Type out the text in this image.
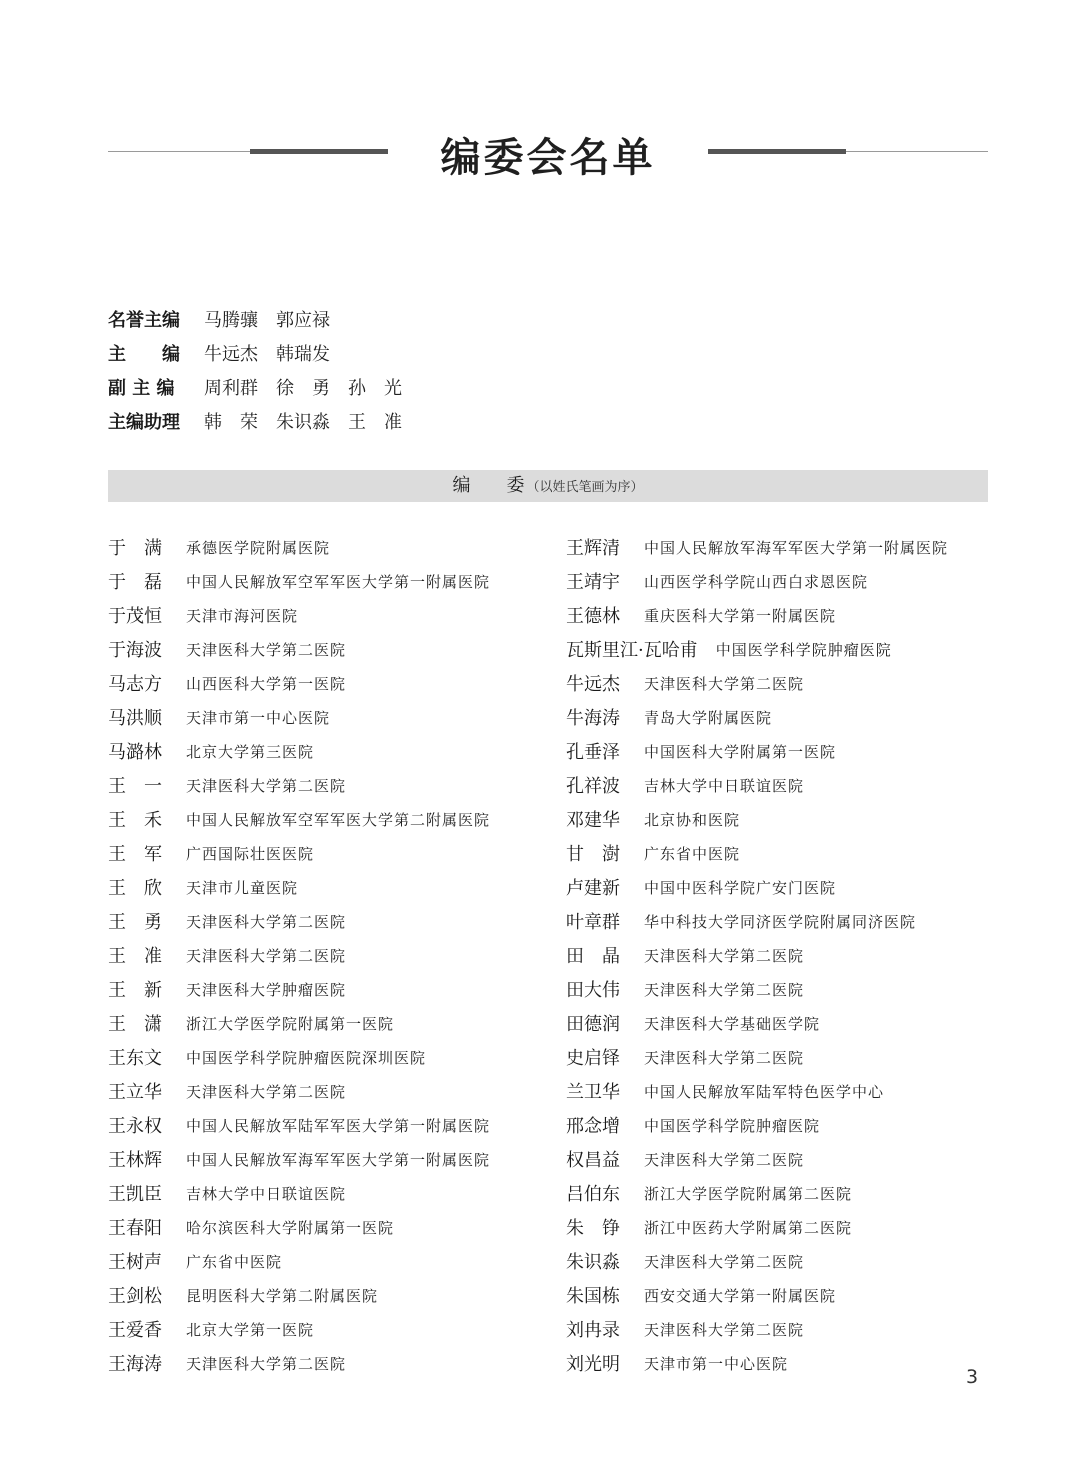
编委会名单
名誉主编	马腾骧　郭应禄
主　　编	牛远杰　韩瑞发
副 主 编	周利群　徐　勇　孙　光
主编助理	韩　荣　朱识淼　王　准
编　　委 （以姓氏笔画为序）
于　满	承德医学院附属医院
于　磊	中国人民解放军空军军医大学第一附属医院
于茂恒	天津市海河医院
于海波	天津医科大学第二医院
马志方	山西医科大学第一医院
马洪顺	天津市第一中心医院
马潞林	北京大学第三医院
王　一	天津医科大学第二医院
王　禾	中国人民解放军空军军医大学第二附属医院
王　军	广西国际壮医医院
王　欣	天津市儿童医院
王　勇	天津医科大学第二医院
王　准	天津医科大学第二医院
王　新	天津医科大学肿瘤医院
王　潇	浙江大学医学院附属第一医院
王东文	中国医学科学院肿瘤医院深圳医院
王立华	天津医科大学第二医院
王永权	中国人民解放军陆军军医大学第一附属医院
王林辉	中国人民解放军海军军医大学第一附属医院
王凯臣	吉林大学中日联谊医院
王春阳	哈尔滨医科大学附属第一医院
王树声	广东省中医院
王剑松	昆明医科大学第二附属医院
王爱香	北京大学第一医院
王海涛	天津医科大学第二医院
王辉清	中国人民解放军海军军医大学第一附属医院
王靖宇	山西医学科学院山西白求恩医院
王德林	重庆医科大学第一附属医院
瓦斯里江·瓦哈甫 中国医学科学院肿瘤医院
牛远杰	天津医科大学第二医院
牛海涛	青岛大学附属医院
孔垂泽	中国医科大学附属第一医院
孔祥波	吉林大学中日联谊医院
邓建华	北京协和医院
甘　澍	广东省中医院
卢建新	中国中医科学院广安门医院
叶章群	华中科技大学同济医学院附属同济医院
田　晶	天津医科大学第二医院
田大伟	天津医科大学第二医院
田德润	天津医科大学基础医学院
史启铎	天津医科大学第二医院
兰卫华	中国人民解放军陆军特色医学中心
邢念增	中国医学科学院肿瘤医院
权昌益	天津医科大学第二医院
吕伯东	浙江大学医学院附属第二医院
朱　铮	浙江中医药大学附属第二医院
朱识淼	天津医科大学第二医院
朱国栋	西安交通大学第一附属医院
刘冉录	天津医科大学第二医院
刘光明	天津市第一中心医院
3
